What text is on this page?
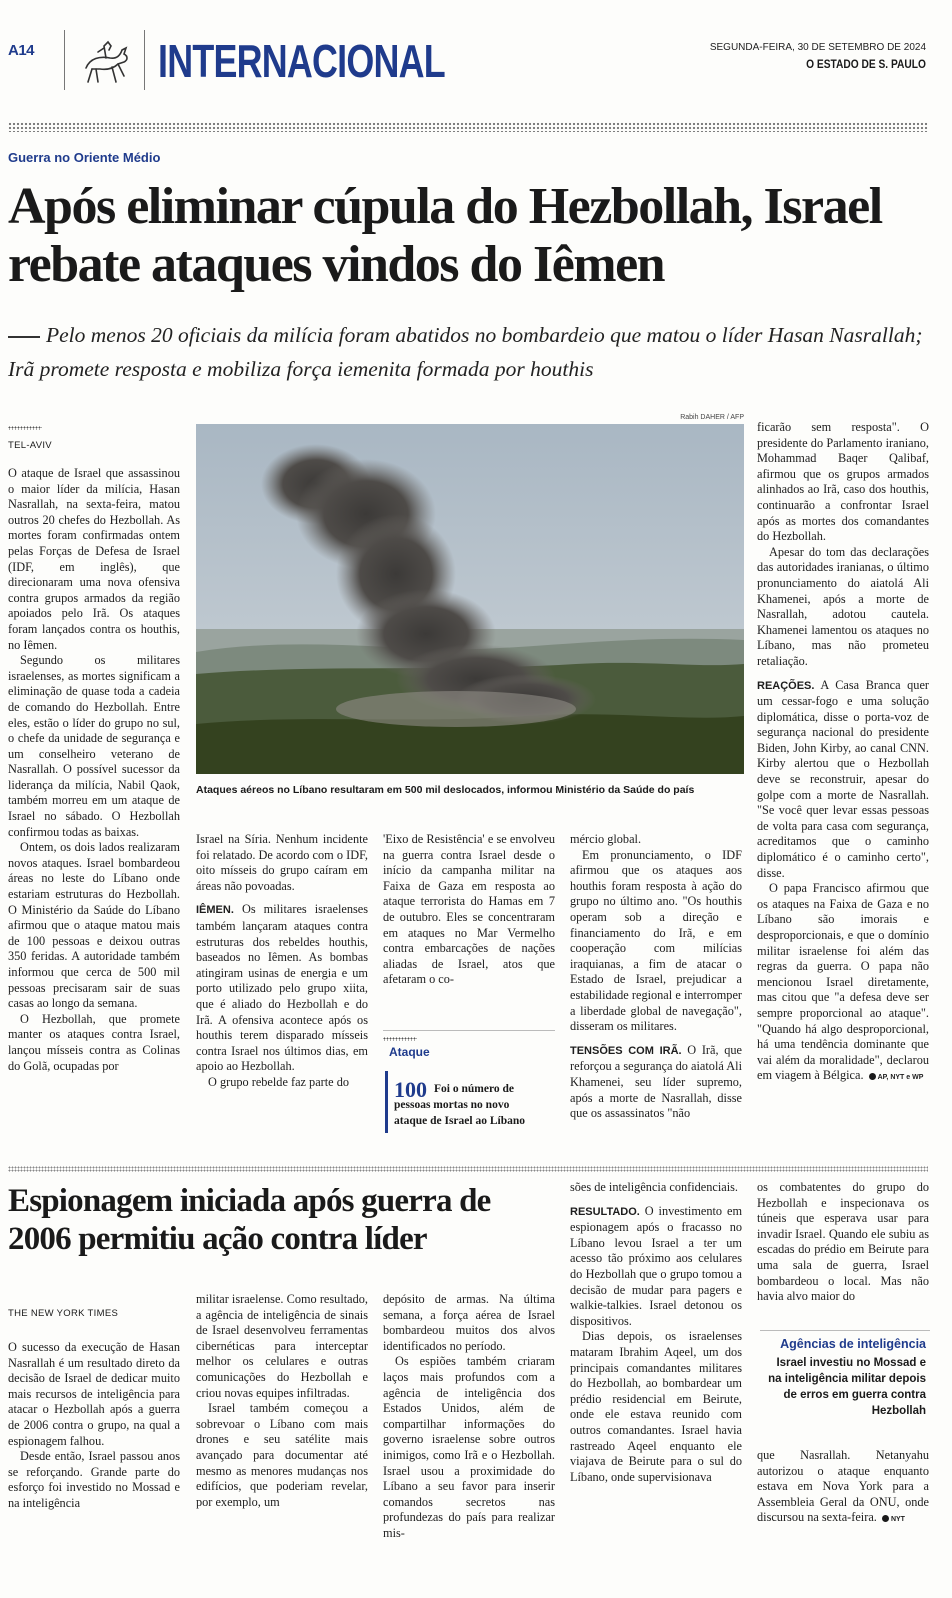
A14	INTERNACIONAL	SEGUNDA-FEIRA, 30 DE SETEMBRO DE 2024
O ESTADO DE S. PAULO
Guerra no Oriente Médio
Após eliminar cúpula do Hezbollah, Israel rebate ataques vindos do Iêmen
Pelo menos 20 oficiais da milícia foram abatidos no bombardeio que matou o líder Hasan Nasrallah; Irã promete resposta e mobiliza força iemenita formada por houthis
TEL-AVIV

O ataque de Israel que assassinou o maior líder da milícia, Hasan Nasrallah, na sexta-feira, matou outros 20 chefes do Hezbollah. As mortes foram confirmadas ontem pelas Forças de Defesa de Israel (IDF, em inglês), que direcionaram uma nova ofensiva contra grupos armados da região apoiados pelo Irã. Os ataques foram lançados contra os houthis, no Iêmen.

Segundo os militares israelenses, as mortes significam a eliminação de quase toda a cadeia de comando do Hezbollah. Entre eles, estão o líder do grupo no sul, o chefe da unidade de segurança e um conselheiro veterano de Nasrallah. O possível sucessor da liderança da milícia, Nabil Qaok, também morreu em um ataque de Israel no sábado. O Hezbollah confirmou todas as baixas.

Ontem, os dois lados realizaram novos ataques. Israel bombardeou áreas no leste do Líbano onde estariam estruturas do Hezbollah. O Ministério da Saúde do Líbano afirmou que o ataque matou mais de 100 pessoas e deixou outras 350 feridas. A autoridade também informou que cerca de 500 mil pessoas precisaram sair de suas casas ao longo da semana.

O Hezbollah, que promete manter os ataques contra Israel, lançou mísseis contra as Colinas do Golã, ocupadas por

Rabih DAHER / AFP
Ataques aéreos no Líbano resultaram em 500 mil deslocados, informou Ministério da Saúde do país

Israel na Síria. Nenhum incidente foi relatado. De acordo com o IDF, oito mísseis do grupo caíram em áreas não povoadas.

IÊMEN. Os militares israelenses também lançaram ataques contra estruturas dos rebeldes houthis, baseados no Iêmen. As bombas atingiram usinas de energia e um porto utilizado pelo grupo xiita, que é aliado do Hezbollah e do Irã. A ofensiva acontece após os houthis terem disparado mísseis contra Israel nos últimos dias, em apoio ao Hezbollah.

O grupo rebelde faz parte do

'Eixo de Resistência' e se envolveu na guerra contra Israel desde o início da campanha militar na Faixa de Gaza em resposta ao ataque terrorista do Hamas em 7 de outubro. Eles se concentraram em ataques no Mar Vermelho contra embarcações de nações aliadas de Israel, atos que afetaram o co-

Ataque
100 Foi o número de pessoas mortas no novo ataque de Israel ao Líbano

mércio global.

Em pronunciamento, o IDF afirmou que os ataques aos houthis foram resposta à ação do grupo no último ano. "Os houthis operam sob a direção e financiamento do Irã, e em cooperação com milícias iraquianas, a fim de atacar o Estado de Israel, prejudicar a estabilidade regional e interromper a liberdade global de navegação", disseram os militares.

TENSÕES COM IRÃ. O Irã, que reforçou a segurança do aiatolá Ali Khamenei, seu líder supremo, após a morte de Nasrallah, disse que os assassinatos "não

ficarão sem resposta". O presidente do Parlamento iraniano, Mohammad Baqer Qalibaf, afirmou que os grupos armados alinhados ao Irã, caso dos houthis, continuarão a confrontar Israel após as mortes dos comandantes do Hezbollah.

Apesar do tom das declarações das autoridades iranianas, o último pronunciamento do aiatolá Ali Khamenei, após a morte de Nasrallah, adotou cautela. Khamenei lamentou os ataques no Líbano, mas não prometeu retaliação.

REAÇÕES. A Casa Branca quer um cessar-fogo e uma solução diplomática, disse o porta-voz de segurança nacional do presidente Biden, John Kirby, ao canal CNN. Kirby alertou que o Hezbollah deve se reconstruir, apesar do golpe com a morte de Nasrallah. "Se você quer levar essas pessoas de volta para casa com segurança, acreditamos que o caminho diplomático é o caminho certo", disse.

O papa Francisco afirmou que os ataques na Faixa de Gaza e no Líbano são imorais e desproporcionais, e que o domínio militar israelense foi além das regras da guerra. O papa não mencionou Israel diretamente, mas citou que "a defesa deve ser sempre proporcional ao ataque". "Quando há algo desproporcional, há uma tendência dominante que vai além da moralidade", declarou em viagem à Bélgica. AP, NYT e WP

Espionagem iniciada após guerra de 2006 permitiu ação contra líder
THE NEW YORK TIMES

O sucesso da execução de Hasan Nasrallah é um resultado direto da decisão de Israel de dedicar muito mais recursos de inteligência para atacar o Hezbollah após a guerra de 2006 contra o grupo, na qual a espionagem falhou.

Desde então, Israel passou anos se reforçando. Grande parte do esforço foi investido no Mossad e na inteligência

militar israelense. Como resultado, a agência de inteligência de sinais de Israel desenvolveu ferramentas cibernéticas para interceptar melhor os celulares e outras comunicações do Hezbollah e criou novas equipes infiltradas.

Israel também começou a sobrevoar o Líbano com mais drones e seu satélite mais avançado para documentar até mesmo as menores mudanças nos edifícios, que poderiam revelar, por exemplo, um

depósito de armas. Na última semana, a força aérea de Israel bombardeou muitos dos alvos identificados no período.

Os espiões também criaram laços mais profundos com a agência de inteligência dos Estados Unidos, além de compartilhar informações do governo israelense sobre outros inimigos, como Irã e o Hezbollah. Israel usou a proximidade do Líbano a seu favor para inserir comandos secretos nas profundezas do país para realizar mis-

sões de inteligência confidenciais.

RESULTADO. O investimento em espionagem após o fracasso no Líbano levou Israel a ter um acesso tão próximo aos celulares do Hezbollah que o grupo tomou a decisão de mudar para pagers e walkie-talkies. Israel detonou os dispositivos.

Dias depois, os israelenses mataram Ibrahim Aqeel, um dos principais comandantes militares do Hezbollah, ao bombardear um prédio residencial em Beirute, onde ele estava reunido com outros comandantes. Israel havia rastreado Aqeel enquanto ele viajava de Beirute para o sul do Líbano, onde supervisionava

os combatentes do grupo do Hezbollah e inspecionava os túneis que esperava usar para invadir Israel. Quando ele subiu as escadas do prédio em Beirute para uma sala de guerra, Israel bombardeou o local. Mas não havia alvo maior do

Agências de inteligência
Israel investiu no Mossad e na inteligência militar depois de erros em guerra contra Hezbollah

que Nasrallah. Netanyahu autorizou o ataque enquanto estava em Nova York para a Assembleia Geral da ONU, onde discursou na sexta-feira. NYT
